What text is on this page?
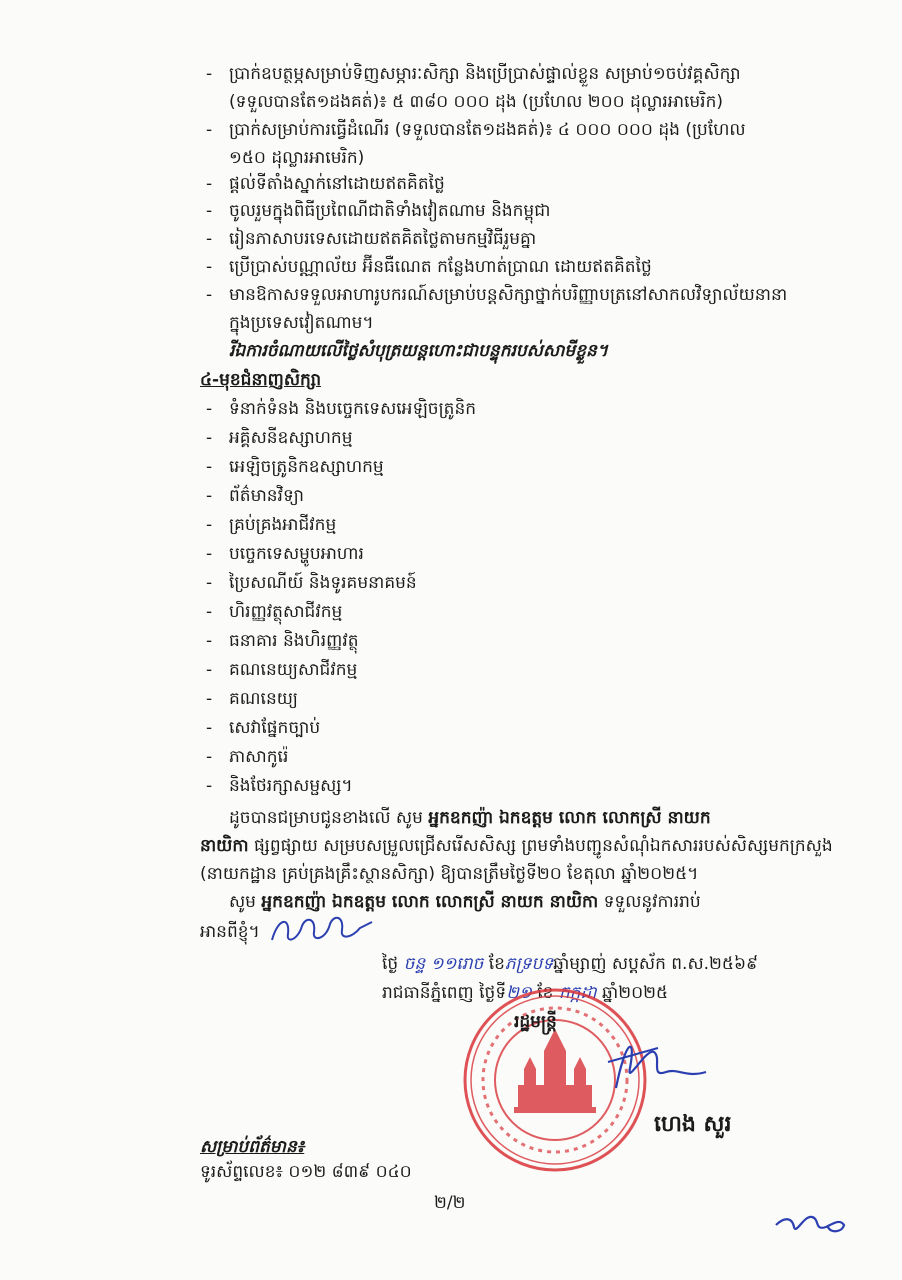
- ប្រាក់ឧបត្ថម្ភសម្រាប់ទិញសម្ភារៈសិក្សា និងប្រើប្រាស់ផ្ទាល់ខ្លួន សម្រាប់១ចប់វគ្គសិក្សា
(ទទួលបានតែ១ដងគត់)៖ ៥ ៣៨០ ០០០ ដុង (ប្រហែល ២០០ ដុល្លារអាមេរិក)
- ប្រាក់សម្រាប់ការធ្វើដំណើរ (ទទួលបានតែ១ដងគត់)៖ ៤ ០០០ ០០០ ដុង (ប្រហែល
១៥០ ដុល្លារអាមេរិក)
- ផ្តល់ទីតាំងស្នាក់នៅដោយឥតគិតថ្លៃ
- ចូលរួមក្នុងពិធីប្រពៃណីជាតិទាំងវៀតណាម និងកម្ពុជា
- រៀនភាសាបរទេសដោយឥតគិតថ្លៃតាមកម្មវិធីរួមគ្នា
- ប្រើប្រាស់បណ្ណាល័យ អ៊ីនធឺណេត កន្លែងហាត់ប្រាណ ដោយឥតគិតថ្លៃ
- មានឱកាសទទួលអាហារូបករណ៍សម្រាប់បន្តសិក្សាថ្នាក់បរិញ្ញាបត្រនៅសាកលវិទ្យាល័យនានា
ក្នុងប្រទេសវៀតណាម។
រីឯការចំណាយលើថ្លៃសំបុត្រយន្តហោះជាបន្ទុករបស់សាមីខ្លួន។
៤-មុខជំនាញសិក្សា
- ទំនាក់ទំនង និងបច្ចេកទេសអេឡិចត្រូនិក
- អគ្គិសនីឧស្សាហកម្ម
- អេឡិចត្រូនិកឧស្សាហកម្ម
- ព័ត៌មានវិទ្យា
- គ្រប់គ្រងអាជីវកម្ម
- បច្ចេកទេសម្ហូបអាហារ
- ប្រៃសណីយ៍ និងទូរគមនាគមន៍
- ហិរញ្ញវត្ថុសាជីវកម្ម
- ធនាគារ និងហិរញ្ញវត្ថុ
- គណនេយ្យសាជីវកម្ម
- គណនេយ្យ
- សេវាផ្នែកច្បាប់
- ភាសាកូរ៉េ
- និងថែរក្សាសម្ផស្ស។
ដូចបានជម្រាបជូនខាងលើ សូម អ្នកឧកញ៉ា ឯកឧត្តម លោក លោកស្រី នាយក
នាយិកា ផ្សព្វផ្សាយ សម្របសម្រួលជ្រើសរើសសិស្ស ព្រមទាំងបញ្ជូនសំណុំឯកសាររបស់សិស្សមកក្រសួង
(នាយកដ្ឋាន គ្រប់គ្រងគ្រឹះស្ថានសិក្សា) ឱ្យបានត្រឹមថ្ងៃទី២០ ខែតុលា ឆ្នាំ២០២៥។
សូម អ្នកឧកញ៉ា ឯកឧត្តម លោក លោកស្រី នាយក នាយិកា ទទួលនូវការរាប់
អានពីខ្ញុំ។
ថ្ងៃ ចន្ទ ១១រោច ខែភទ្របទឆ្នាំម្សាញ់ សប្តស័ក ព.ស.២៥៦៩
រាជធានីភ្នំពេញ ថ្ងៃទី២១ ខែ កក្កដា ឆ្នាំ២០២៥
រដ្ឋមន្ត្រី
ហេង សួរ
សម្រាប់ព័ត៌មាន៖
ទូរស័ព្ទលេខ៖ ០១២ ៨៣៩ ០៤០
២/២
